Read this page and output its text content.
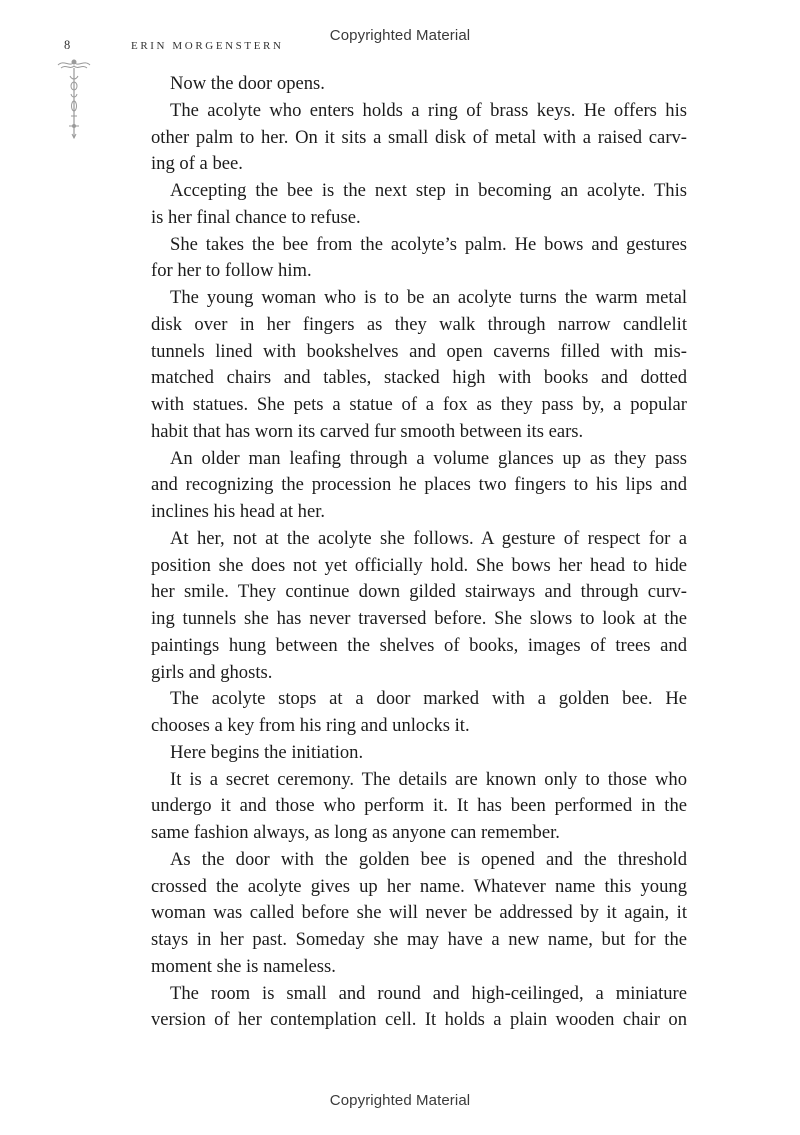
Copyrighted Material
8	ERIN MORGENSTERN
Now the door opens.
The acolyte who enters holds a ring of brass keys. He offers his
other palm to her. On it sits a small disk of metal with a raised carv-
ing of a bee.
Accepting the bee is the next step in becoming an acolyte. This
is her final chance to refuse.
She takes the bee from the acolyte’s palm. He bows and gestures
for her to follow him.
The young woman who is to be an acolyte turns the warm metal
disk over in her fingers as they walk through narrow candlelit
tunnels lined with bookshelves and open caverns filled with mis-
matched chairs and tables, stacked high with books and dotted
with statues. She pets a statue of a fox as they pass by, a popular
habit that has worn its carved fur smooth between its ears.
An older man leafing through a volume glances up as they pass
and recognizing the procession he places two fingers to his lips and
inclines his head at her.
At her, not at the acolyte she follows. A gesture of respect for a
position she does not yet officially hold. She bows her head to hide
her smile. They continue down gilded stairways and through curv-
ing tunnels she has never traversed before. She slows to look at the
paintings hung between the shelves of books, images of trees and
girls and ghosts.
The acolyte stops at a door marked with a golden bee. He
chooses a key from his ring and unlocks it.
Here begins the initiation.
It is a secret ceremony. The details are known only to those who
undergo it and those who perform it. It has been performed in the
same fashion always, as long as anyone can remember.
As the door with the golden bee is opened and the threshold
crossed the acolyte gives up her name. Whatever name this young
woman was called before she will never be addressed by it again, it
stays in her past. Someday she may have a new name, but for the
moment she is nameless.
The room is small and round and high-ceilinged, a miniature
version of her contemplation cell. It holds a plain wooden chair on
Copyrighted Material
